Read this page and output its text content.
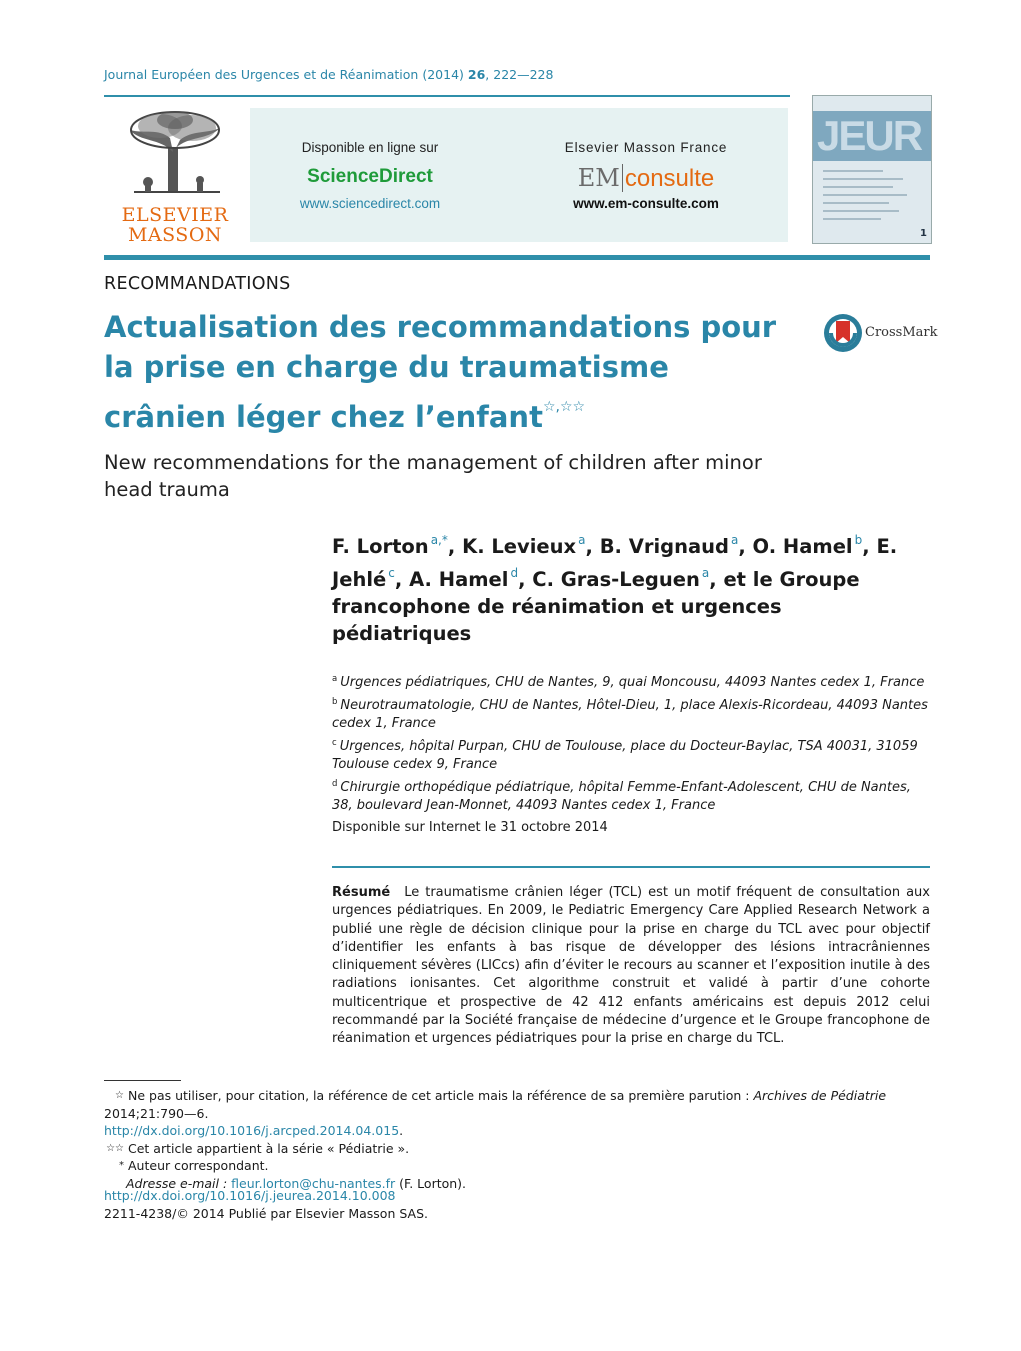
Journal Européen des Urgences et de Réanimation (2014) 26, 222—228
ELSEVIER
MASSON
Disponible en ligne sur
ScienceDirect
www.sciencedirect.com
Elsevier Masson France
EM consulte
www.em-consulte.com
JEUR
1
RECOMMANDATIONS
Actualisation des recommandations pour la prise en charge du traumatisme crânien léger chez l’enfant☆,☆☆
CrossMark
New recommendations for the management of children after minor head trauma
F. Lorton $^{a,*}$, K. Levieux $^a$, B. Vrignaud $^a$, O. Hamel $^b$, E. Jehlé $^c$, A. Hamel $^d$, C. Gras-Leguen $^a$, et le Groupe francophone de réanimation et urgences pédiatriques
$^a$ Urgences pédiatriques, CHU de Nantes, 9, quai Moncousu, 44093 Nantes cedex 1, France
$^b$ Neurotraumatologie, CHU de Nantes, Hôtel-Dieu, 1, place Alexis-Ricordeau, 44093 Nantes cedex 1, France
$^c$ Urgences, hôpital Purpan, CHU de Toulouse, place du Docteur-Baylac, TSA 40031, 31059 Toulouse cedex 9, France
$^d$ Chirurgie orthopédique pédiatrique, hôpital Femme-Enfant-Adolescent, CHU de Nantes, 38, boulevard Jean-Monnet, 44093 Nantes cedex 1, France
Disponible sur Internet le 31 octobre 2014
Résumé Le traumatisme crânien léger (TCL) est un motif fréquent de consultation aux urgences pédiatriques. En 2009, le Pediatric Emergency Care Applied Research Network a publié une règle de décision clinique pour la prise en charge du TCL avec pour objectif d’identifier les enfants à bas risque de développer des lésions intracrâniennes cliniquement sévères (LICcs) afin d’éviter le recours au scanner et l’exposition inutile à des radiations ionisantes. Cet algorithme construit et validé à partir d’une cohorte multicentrique et prospective de 42 412 enfants américains est depuis 2012 celui recommandé par la Société française de médecine d’urgence et le Groupe francophone de réanimation et urgences pédiatriques pour la prise en charge du TCL.
☆ Ne pas utiliser, pour citation, la référence de cet article mais la référence de sa première parution : Archives de Pédiatrie 2014;21:790—6.
http://dx.doi.org/10.1016/j.arcped.2014.04.015.
☆☆ Cet article appartient à la série « Pédiatrie ».
* Auteur correspondant.
Adresse e-mail : fleur.lorton@chu-nantes.fr (F. Lorton).
http://dx.doi.org/10.1016/j.jeurea.2014.10.008
2211-4238/© 2014 Publié par Elsevier Masson SAS.
